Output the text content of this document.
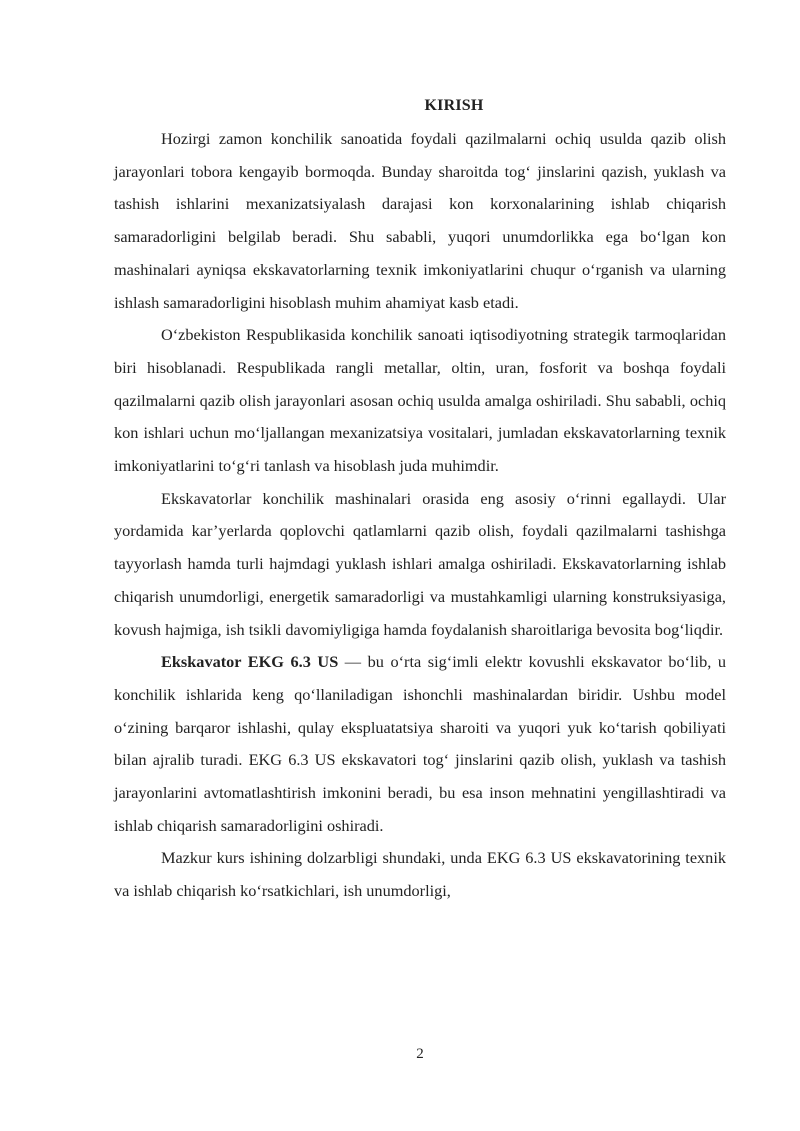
KIRISH

Hozirgi zamon konchilik sanoatida foydali qazilmalarni ochiq usulda qazib olish jarayonlari tobora kengayib bormoqda. Bunday sharoitda tog‘ jinslarini qazish, yuklash va tashish ishlarini mexanizatsiyalash darajasi kon korxonalarining ishlab chiqarish samaradorligini belgilab beradi. Shu sababli, yuqori unumdorlikka ega bo‘lgan kon mashinalari ayniqsa ekskavatorlarning texnik imkoniyatlarini chuqur o‘rganish va ularning ishlash samaradorligini hisoblash muhim ahamiyat kasb etadi.

O‘zbekiston Respublikasida konchilik sanoati iqtisodiyotning strategik tarmoqlaridan biri hisoblanadi. Respublikada rangli metallar, oltin, uran, fosforit va boshqa foydali qazilmalarni qazib olish jarayonlari asosan ochiq usulda amalga oshiriladi. Shu sababli, ochiq kon ishlari uchun mo‘ljallangan mexanizatsiya vositalari, jumladan ekskavatorlarning texnik imkoniyatlarini to‘g‘ri tanlash va hisoblash juda muhimdir.

Ekskavatorlar konchilik mashinalari orasida eng asosiy o‘rinni egallaydi. Ular yordamida kar’yerlarda qoplovchi qatlamlarni qazib olish, foydali qazilmalarni tashishga tayyorlash hamda turli hajmdagi yuklash ishlari amalga oshiriladi. Ekskavatorlarning ishlab chiqarish unumdorligi, energetik samaradorligi va mustahkamligi ularning konstruksiyasiga, kovush hajmiga, ish tsikli davomiyligiga hamda foydalanish sharoitlariga bevosita bog‘liqdir.

Ekskavator EKG 6.3 US — bu o‘rta sig‘imli elektr kovushli ekskavator bo‘lib, u konchilik ishlarida keng qo‘llaniladigan ishonchli mashinalardan biridir. Ushbu model o‘zining barqaror ishlashi, qulay ekspluatatsiya sharoiti va yuqori yuk ko‘tarish qobiliyati bilan ajralib turadi. EKG 6.3 US ekskavatori tog‘ jinslarini qazib olish, yuklash va tashish jarayonlarini avtomatlashtirish imkonini beradi, bu esa inson mehnatini yengillashtiradi va ishlab chiqarish samaradorligini oshiradi.

Mazkur kurs ishining dolzarbligi shundaki, unda EKG 6.3 US ekskavatorining texnik va ishlab chiqarish ko‘rsatkichlari, ish unumdorligi,

2
